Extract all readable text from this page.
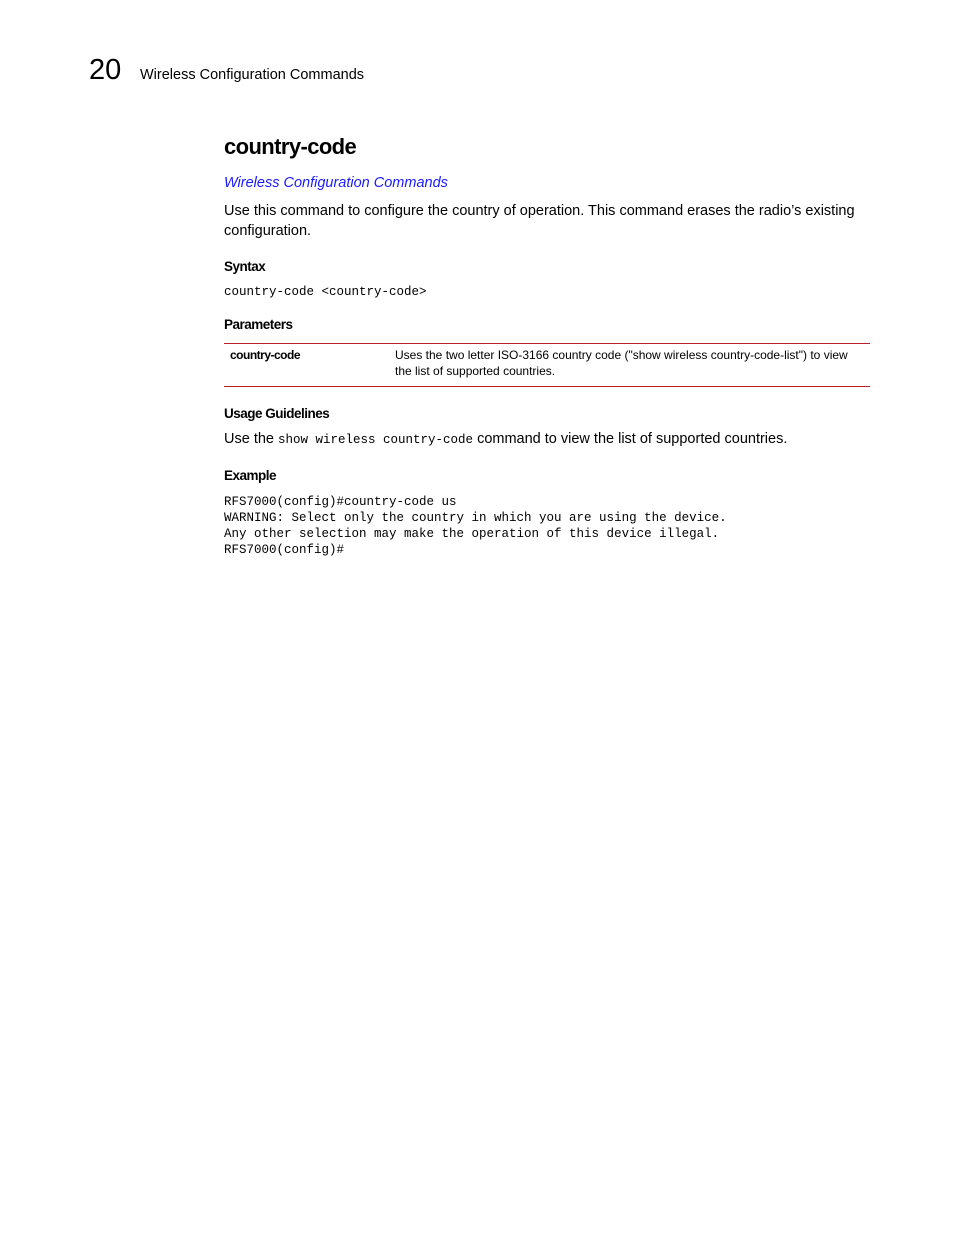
20 Wireless Configuration Commands
country-code
Wireless Configuration Commands

Use this command to configure the country of operation. This command erases the radio’s existing configuration.

Syntax
country-code <country-code>
Parameters
country-code	Uses the two letter ISO-3166 country code ("show wireless country-code-list") to view the list of supported countries.
Usage Guidelines

Use the show wireless country-code command to view the list of supported countries.

Example
RFS7000(config)#country-code us
WARNING: Select only the country in which you are using the device.
Any other selection may make the operation of this device illegal.
RFS7000(config)#
